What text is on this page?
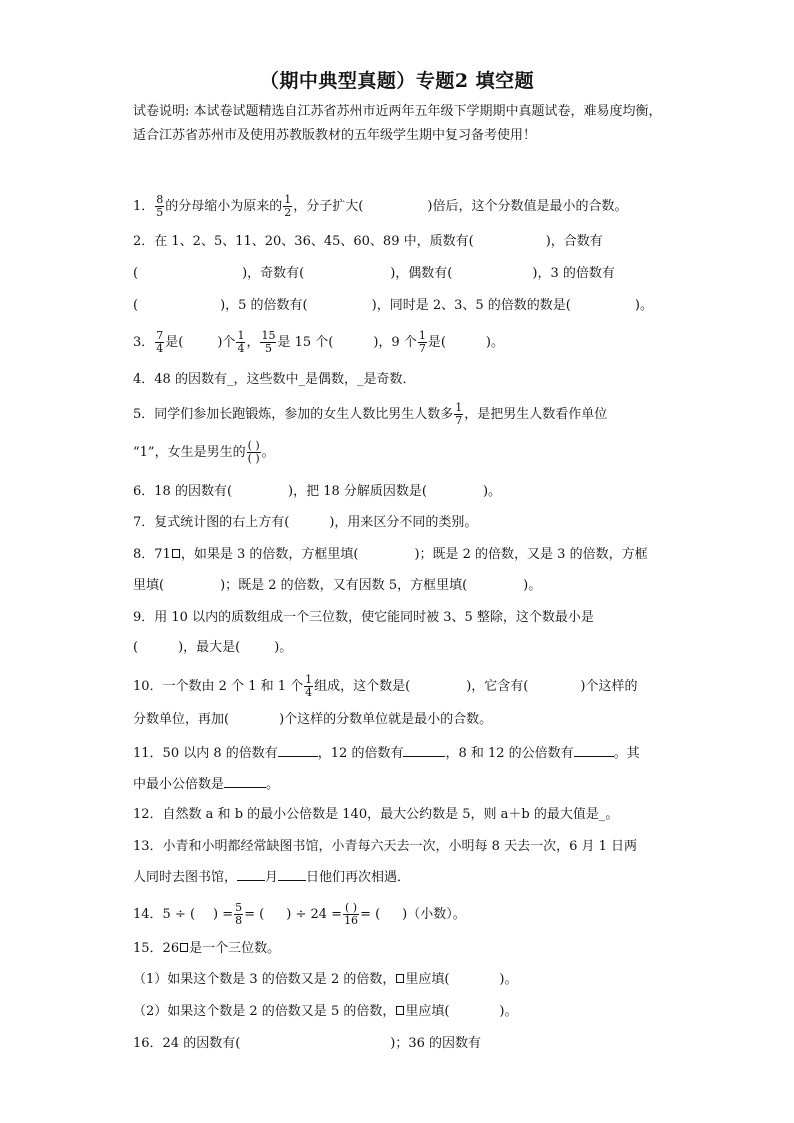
（期中典型真题）专题2 填空题
试卷说明: 本试卷试题精选自江苏省苏州市近两年五年级下学期期中真题试卷，难易度均衡，适合江苏省苏州市及使用苏教版教材的五年级学生期中复习备考使用！
1． $\frac{8}{5}$ 的分母缩小为原来的 $\frac{1}{2}$ ，分子扩大(	)倍后，这个分数值是最小的合数。
2．在 1、2、5、11、20、36、45、60、89 中，质数有(	)，合数有
(	)，奇数有(	)，偶数有(	)，3 的倍数有
(	)，5 的倍数有(	)，同时是 2、3、5 的倍数的数是(	)。
3． $\frac{7}{4}$ 是(	)个 $\frac{1}{4}$ ， $\frac{15}{5}$ 是 15 个(	)，9 个 $\frac{1}{7}$ 是(	)。
4．48 的因数有_，这些数中_是偶数，_是奇数．
5．同学们参加长跑锻炼，参加的女生人数比男生人数多 $\frac{1}{7}$ ，是把男生人数看作单位
“1”，女生是男生的 $\frac{( )}{( )}$ 。
6．18 的因数有(	)，把 18 分解质因数是(	)。
7．复式统计图的右上方有(	)，用来区分不同的类别。
8．71 ，如果是 3 的倍数，方框里填(	)；既是 2 的倍数，又是 3 的倍数，方框
里填(	)；既是 2 的倍数，又有因数 5，方框里填(	)。
9．用 10 以内的质数组成一个三位数，使它能同时被 3、5 整除，这个数最小是
(	)，最大是(	)。
10．一个数由 2 个 1 和 1 个 $\frac{1}{4}$ 组成，这个数是(	)，它含有(	)个这样的
分数单位，再加(	)个这样的分数单位就是最小的合数。
11．50 以内 8 的倍数有	，12 的倍数有	，8 和 12 的公倍数有	。其
中最小公倍数是	。
12．自然数 a 和 b 的最小公倍数是 140，最大公约数是 5，则 a＋b 的最大值是_。
13．小青和小明都经常缺图书馆，小青每六天去一次，小明每 8 天去一次，6 月 1 日两
人同时去图书馆， 月 日他们再次相遇．
14．5 ÷ ( ) = $\frac{5}{8}$ = ( ) ÷ $24 = \frac{( )}{16}$ = ( )（小数）。
15．26 是一个三位数。
（1）如果这个数是 3 的倍数又是 2 的倍数， 里应填(	)。
（2）如果这个数是 2 的倍数又是 5 的倍数， 里应填(	)。
16．24 的因数有(	)；36 的因数有
